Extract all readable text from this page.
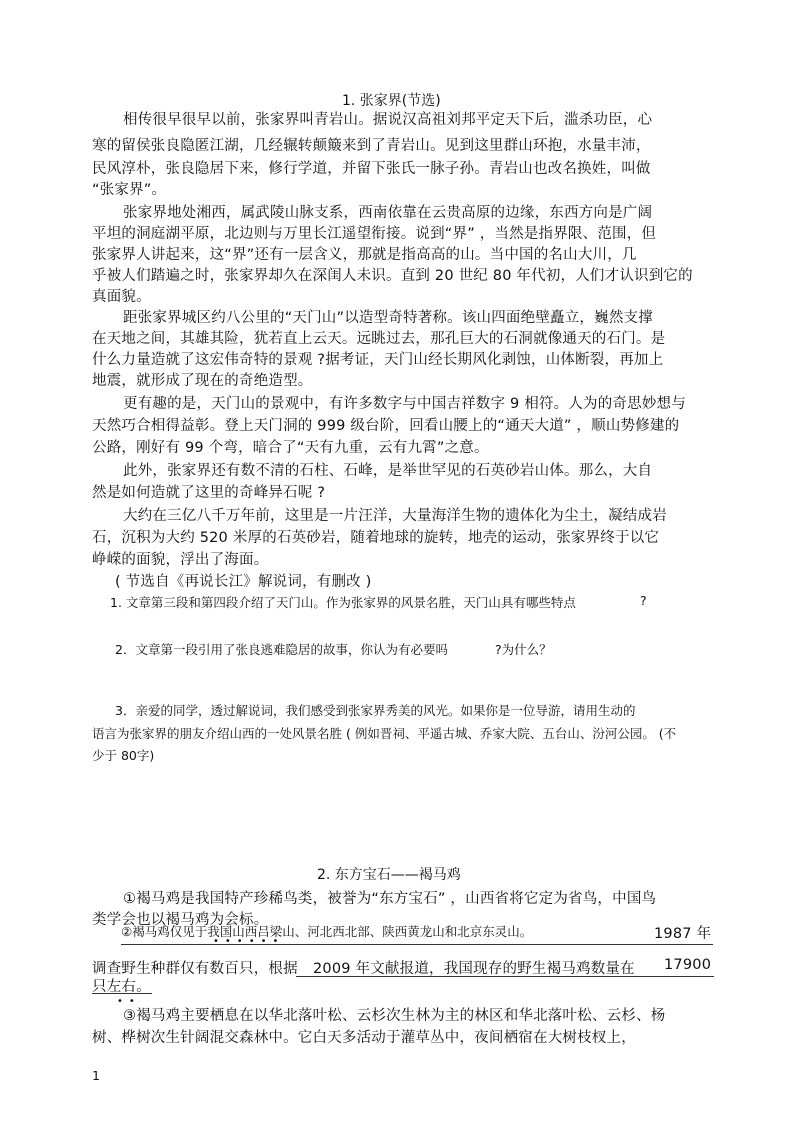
1. 张家界(节选)

相传很早很早以前，张家界叫青岩山。据说汉高祖刘邦平定天下后，滥杀功臣，心

寒的留侯张良隐匿江湖，几经辗转颠簸来到了青岩山。见到这里群山环抱，水量丰沛，

民风淳朴，张良隐居下来，修行学道，并留下张氏一脉子孙。青岩山也改名换姓，叫做

“张家界”。

张家界地处湘西，属武陵山脉支系，西南依靠在云贵高原的边缘，东西方向是广阔

平坦的洞庭湖平原，北边则与万里长江遥望衔接。说到“界” ，当然是指界限、范围，但

张家界人讲起来，这“界”还有一层含义，那就是指高高的山。当中国的名山大川，几

乎被人们踏遍之时，张家界却久在深闺人未识。直到 20 世纪 80 年代初，人们才认识到它的

真面貌。

距张家界城区约八公里的“天门山”以造型奇特著称。该山四面绝壁矗立，巍然支撑

在天地之间，其雄其险，犹若直上云天。远眺过去，那孔巨大的石洞就像通天的石门。是

什么力量造就了这宏伟奇特的景观 ?据考证，天门山经长期风化剥蚀，山体断裂，再加上

地震，就形成了现在的奇绝造型。

更有趣的是，天门山的景观中，有许多数字与中国吉祥数字 9 相符。人为的奇思妙想与

天然巧合相得益彰。登上天门洞的 999 级台阶，回看山腰上的“通天大道” ，顺山势修建的

公路，刚好有 99 个弯，暗合了“天有九重，云有九霄”之意。

此外，张家界还有数不清的石柱、石峰，是举世罕见的石英砂岩山体。那么，大自

然是如何造就了这里的奇峰异石呢 ?

大约在三亿八千万年前，这里是一片汪洋，大量海洋生物的遗体化为尘土，凝结成岩

石，沉积为大约 520 米厚的石英砂岩，随着地球的旋转，地壳的运动，张家界终于以它

峥嵘的面貌，浮出了海面。

( 节选自《再说长江》解说词，有删改 )

1. 文章第三段和第四段介绍了天门山。作为张家界的风景名胜，天门山具有哪些特点	?

2．文章第一段引用了张良逃难隐居的故事，你认为有必要吗	?为什么？

3．亲爱的同学，透过解说词，我们感受到张家界秀美的风光。如果你是一位导游，请用生动的

语言为张家界的朋友介绍山西的一处风景名胜 ( 例如晋祠、平遥古城、乔家大院、五台山、汾河公园。 (不

少于 80字)

2. 东方宝石——褐马鸡

①褐马鸡是我国特产珍稀鸟类，被誉为“东方宝石” ，山西省将它定为省鸟，中国鸟

类学会也以褐马鸡为会标。

②褐马鸡仅见于我国山西吕梁山、河北西北部、陕西黄龙山和北京东灵山。	1987 年

••••••

调查野生种群仅有数百只，根据 2009 年文献报道，我国现存的野生褐马鸡数量在 17900

只左右。

••

③褐马鸡主要栖息在以华北落叶松、云杉次生林为主的林区和华北落叶松、云杉、杨

树、桦树次生针阔混交森林中。它白天多活动于灌草丛中，夜间栖宿在大树枝杈上，

1
